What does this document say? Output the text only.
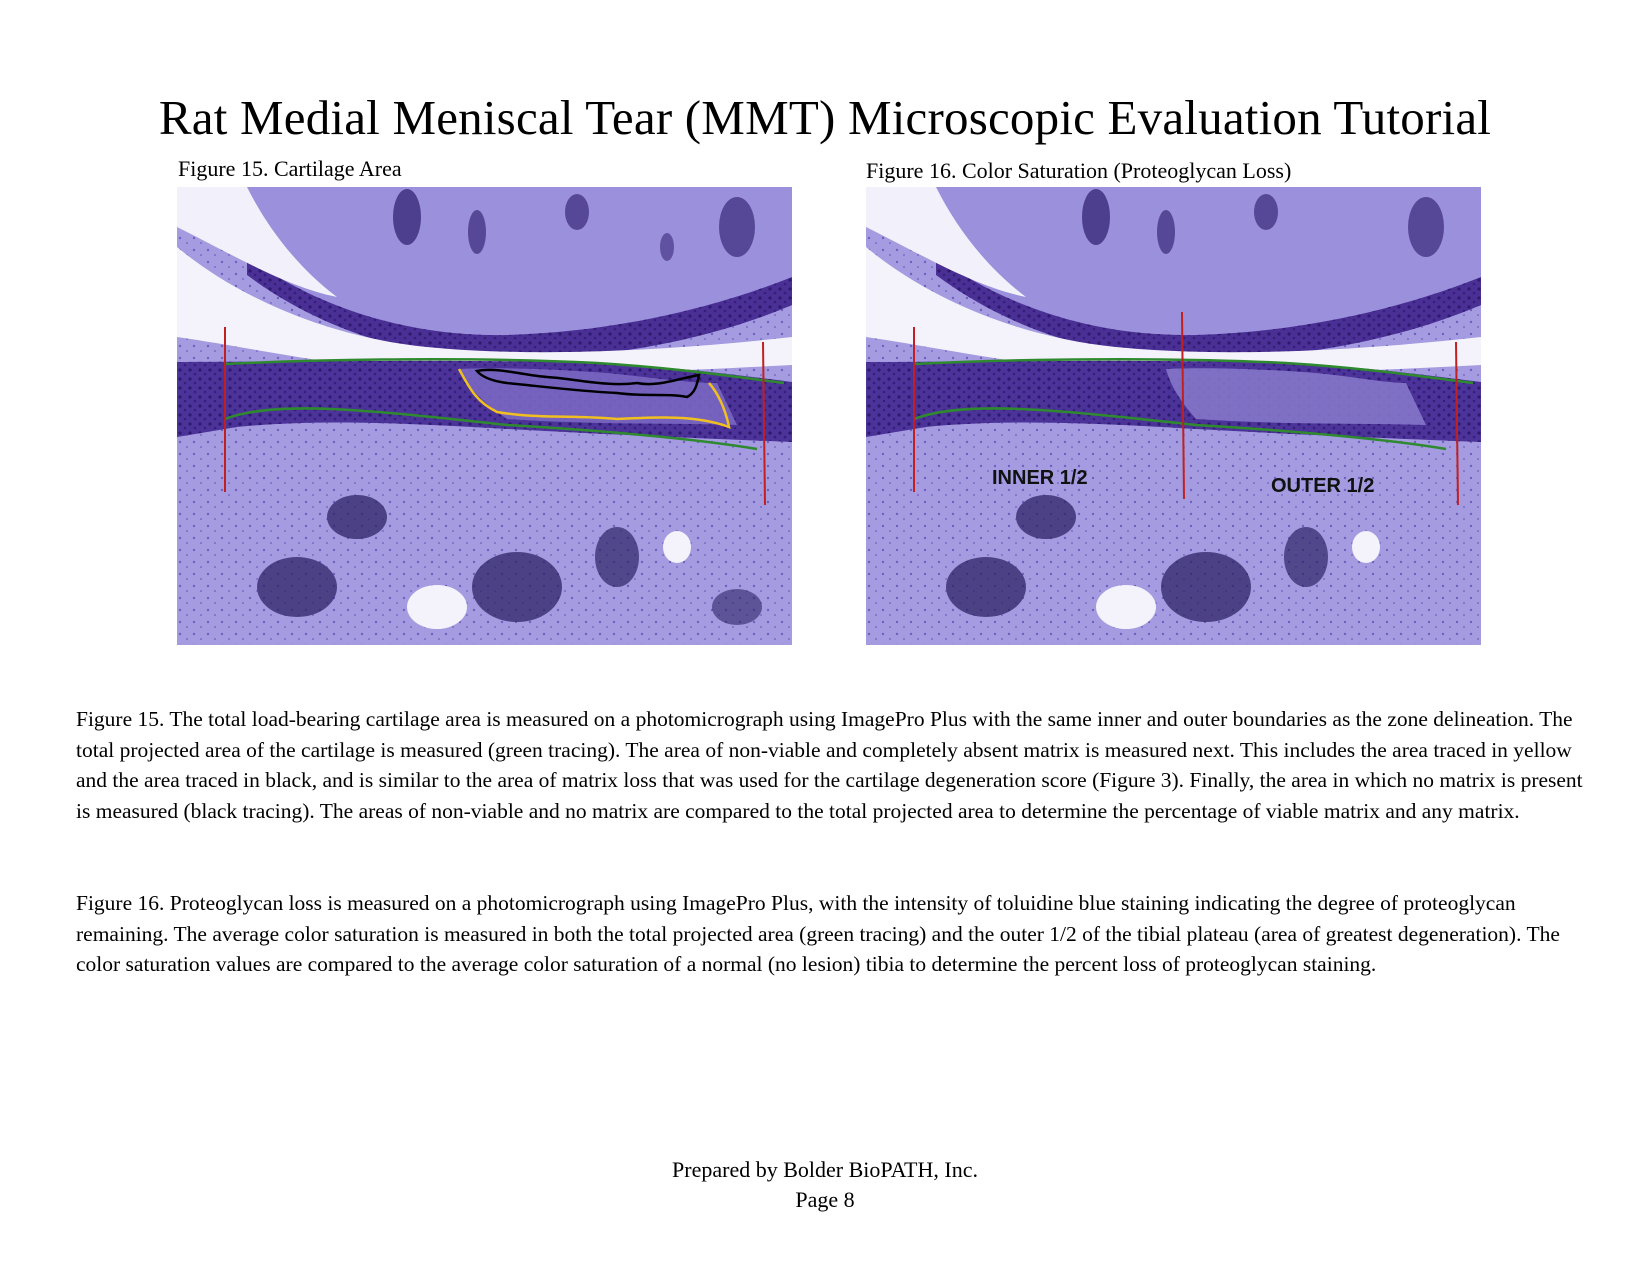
Rat Medial Meniscal Tear (MMT) Microscopic Evaluation Tutorial
Figure 15. Cartilage Area	Figure 16. Color Saturation (Proteoglycan Loss)
INNER 1/2	OUTER 1/2

Figure 15. The total load-bearing cartilage area is measured on a photomicrograph using ImagePro Plus with the same inner and outer boundaries as the zone delineation. The total projected area of the cartilage is measured (green tracing). The area of non-viable and completely absent matrix is measured next. This includes the area traced in yellow and the area traced in black, and is similar to the area of matrix loss that was used for the cartilage degeneration score (Figure 3). Finally, the area in which no matrix is present is measured (black tracing). The areas of non-viable and no matrix are compared to the total projected area to determine the percentage of viable matrix and any matrix.

Figure 16. Proteoglycan loss is measured on a photomicrograph using ImagePro Plus, with the intensity of toluidine blue staining indicating the degree of proteoglycan remaining. The average color saturation is measured in both the total projected area (green tracing) and the outer 1/2 of the tibial plateau (area of greatest degeneration). The color saturation values are compared to the average color saturation of a normal (no lesion) tibia to determine the percent loss of proteoglycan staining.

Prepared by Bolder BioPATH, Inc.
Page 8
